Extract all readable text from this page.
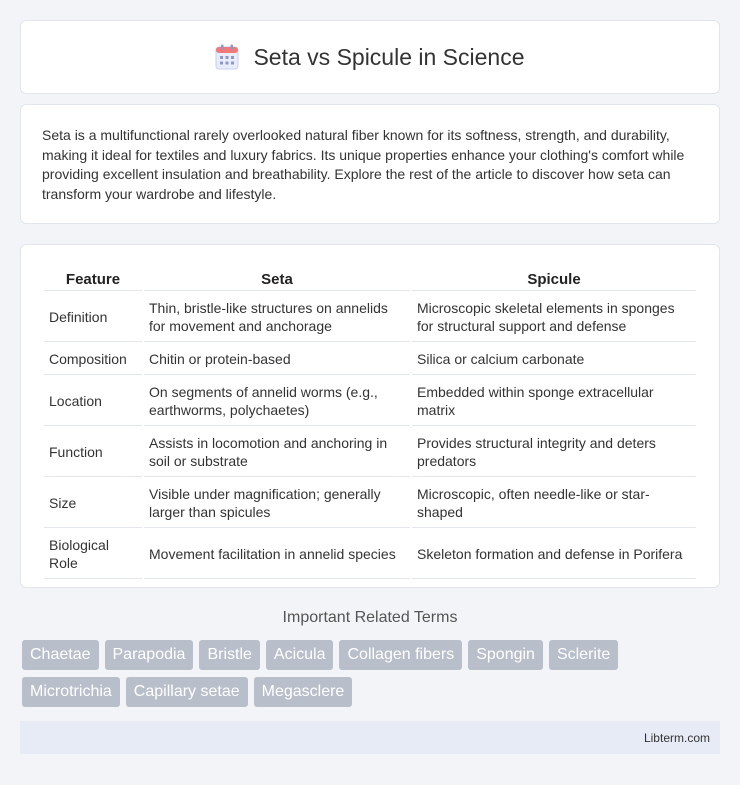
Seta vs Spicule in Science

Seta is a multifunctional rarely overlooked natural fiber known for its softness, strength, and durability, making it ideal for textiles and luxury fabrics. Its unique properties enhance your clothing's comfort while providing excellent insulation and breathability. Explore the rest of the article to discover how seta can transform your wardrobe and lifestyle.

Feature	Seta	Spicule
Definition	Thin, bristle-like structures on annelids for movement and anchorage	Microscopic skeletal elements in sponges for structural support and defense
Composition	Chitin or protein-based	Silica or calcium carbonate
Location	On segments of annelid worms (e.g., earthworms, polychaetes)	Embedded within sponge extracellular matrix
Function	Assists in locomotion and anchoring in soil or substrate	Provides structural integrity and deters predators
Size	Visible under magnification; generally larger than spicules	Microscopic, often needle-like or star-shaped
Biological Role	Movement facilitation in annelid species	Skeleton formation and defense in Porifera
Important Related Terms
Chaetae	Parapodia	Bristle	Acicula	Collagen fibers	Spongin	Sclerite
Microtrichia	Capillary setae	Megasclere
Libterm.com
